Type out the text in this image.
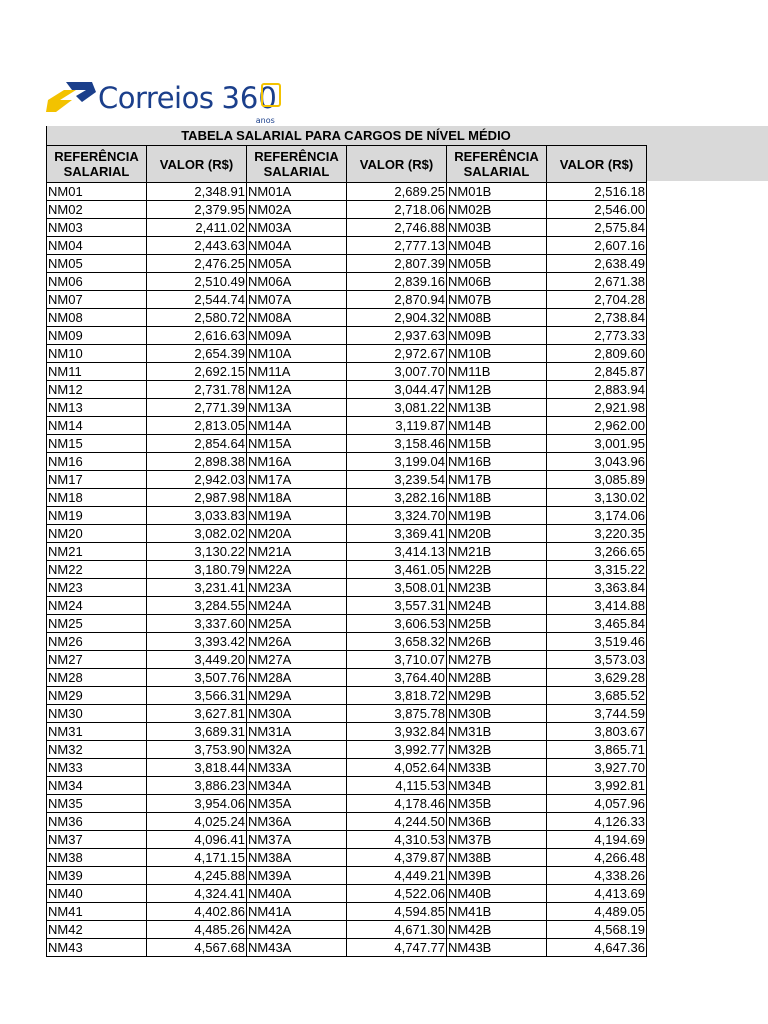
Correios 360
anos
TABELA SALARIAL PARA CARGOS DE NÍVEL MÉDIO
REFERÊNCIA SALARIAL	VALOR (R$)	REFERÊNCIA SALARIAL	VALOR (R$)	REFERÊNCIA SALARIAL	VALOR (R$)
NM01	2,348.91	NM01A	2,689.25	NM01B	2,516.18
NM02	2,379.95	NM02A	2,718.06	NM02B	2,546.00
NM03	2,411.02	NM03A	2,746.88	NM03B	2,575.84
NM04	2,443.63	NM04A	2,777.13	NM04B	2,607.16
NM05	2,476.25	NM05A	2,807.39	NM05B	2,638.49
NM06	2,510.49	NM06A	2,839.16	NM06B	2,671.38
NM07	2,544.74	NM07A	2,870.94	NM07B	2,704.28
NM08	2,580.72	NM08A	2,904.32	NM08B	2,738.84
NM09	2,616.63	NM09A	2,937.63	NM09B	2,773.33
NM10	2,654.39	NM10A	2,972.67	NM10B	2,809.60
NM11	2,692.15	NM11A	3,007.70	NM11B	2,845.87
NM12	2,731.78	NM12A	3,044.47	NM12B	2,883.94
NM13	2,771.39	NM13A	3,081.22	NM13B	2,921.98
NM14	2,813.05	NM14A	3,119.87	NM14B	2,962.00
NM15	2,854.64	NM15A	3,158.46	NM15B	3,001.95
NM16	2,898.38	NM16A	3,199.04	NM16B	3,043.96
NM17	2,942.03	NM17A	3,239.54	NM17B	3,085.89
NM18	2,987.98	NM18A	3,282.16	NM18B	3,130.02
NM19	3,033.83	NM19A	3,324.70	NM19B	3,174.06
NM20	3,082.02	NM20A	3,369.41	NM20B	3,220.35
NM21	3,130.22	NM21A	3,414.13	NM21B	3,266.65
NM22	3,180.79	NM22A	3,461.05	NM22B	3,315.22
NM23	3,231.41	NM23A	3,508.01	NM23B	3,363.84
NM24	3,284.55	NM24A	3,557.31	NM24B	3,414.88
NM25	3,337.60	NM25A	3,606.53	NM25B	3,465.84
NM26	3,393.42	NM26A	3,658.32	NM26B	3,519.46
NM27	3,449.20	NM27A	3,710.07	NM27B	3,573.03
NM28	3,507.76	NM28A	3,764.40	NM28B	3,629.28
NM29	3,566.31	NM29A	3,818.72	NM29B	3,685.52
NM30	3,627.81	NM30A	3,875.78	NM30B	3,744.59
NM31	3,689.31	NM31A	3,932.84	NM31B	3,803.67
NM32	3,753.90	NM32A	3,992.77	NM32B	3,865.71
NM33	3,818.44	NM33A	4,052.64	NM33B	3,927.70
NM34	3,886.23	NM34A	4,115.53	NM34B	3,992.81
NM35	3,954.06	NM35A	4,178.46	NM35B	4,057.96
NM36	4,025.24	NM36A	4,244.50	NM36B	4,126.33
NM37	4,096.41	NM37A	4,310.53	NM37B	4,194.69
NM38	4,171.15	NM38A	4,379.87	NM38B	4,266.48
NM39	4,245.88	NM39A	4,449.21	NM39B	4,338.26
NM40	4,324.41	NM40A	4,522.06	NM40B	4,413.69
NM41	4,402.86	NM41A	4,594.85	NM41B	4,489.05
NM42	4,485.26	NM42A	4,671.30	NM42B	4,568.19
NM43	4,567.68	NM43A	4,747.77	NM43B	4,647.36
